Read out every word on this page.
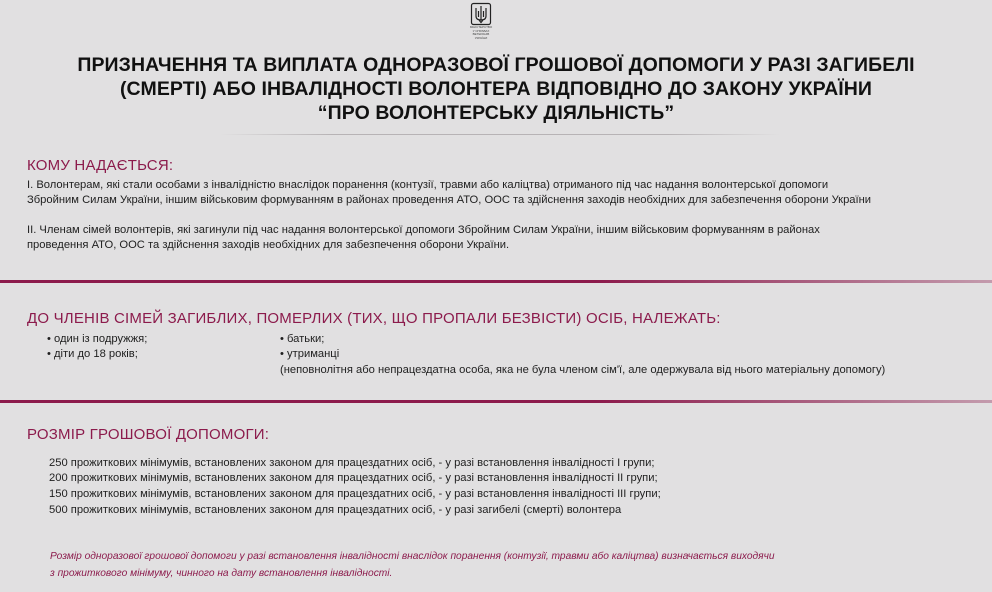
МІНІСТЕРСТВО
У СПРАВАХ
ВЕТЕРАНІВ
УКРАЇНИ
ПРИЗНАЧЕННЯ ТА ВИПЛАТА ОДНОРАЗОВОЇ ГРОШОВОЇ ДОПОМОГИ У РАЗІ ЗАГИБЕЛІ
(СМЕРТІ) АБО ІНВАЛІДНОСТІ ВОЛОНТЕРА ВІДПОВІДНО ДО ЗАКОНУ УКРАЇНИ
“ПРО ВОЛОНТЕРСЬКУ ДІЯЛЬНІСТЬ”
КОМУ НАДАЄТЬСЯ:
I. Волонтерам, які стали особами з інвалідністю внаслідок поранення (контузії, травми або каліцтва) отриманого під час надання волонтерської допомоги
Збройним Силам України, іншим військовим формуванням в районах проведення АТО, ООС та здійснення заходів необхідних для забезпечення оборони України
II. Членам сімей волонтерів, які загинули під час надання волонтерської допомоги Збройним Силам України, іншим військовим формуванням в районах
проведення АТО, ООС та здійснення заходів необхідних для забезпечення оборони України.
ДО ЧЛЕНІВ СІМЕЙ ЗАГИБЛИХ, ПОМЕРЛИХ (ТИХ, ЩО ПРОПАЛИ БЕЗВІСТИ) ОСІБ, НАЛЕЖАТЬ:
• один із подружжя;
• діти до 18 років;
• батьки;
• утриманці
(неповнолітня або непрацездатна особа, яка не була членом сім'ї, але одержувала від нього матеріальну допомогу)
РОЗМІР ГРОШОВОЇ ДОПОМОГИ:
250 прожиткових мінімумів, встановлених законом для працездатних осіб, - у разі встановлення інвалідності I групи;
200 прожиткових мінімумів, встановлених законом для працездатних осіб, - у разі встановлення інвалідності II групи;
150 прожиткових мінімумів, встановлених законом для працездатних осіб, - у разі встановлення інвалідності III групи;
500 прожиткових мінімумів, встановлених законом для працездатних осіб, - у разі загибелі (смерті) волонтера
Розмір одноразової грошової допомоги у разі встановлення інвалідності внаслідок поранення (контузії, травми або каліцтва) визначається виходячи
з прожиткового мінімуму, чинного на дату встановлення інвалідності.
